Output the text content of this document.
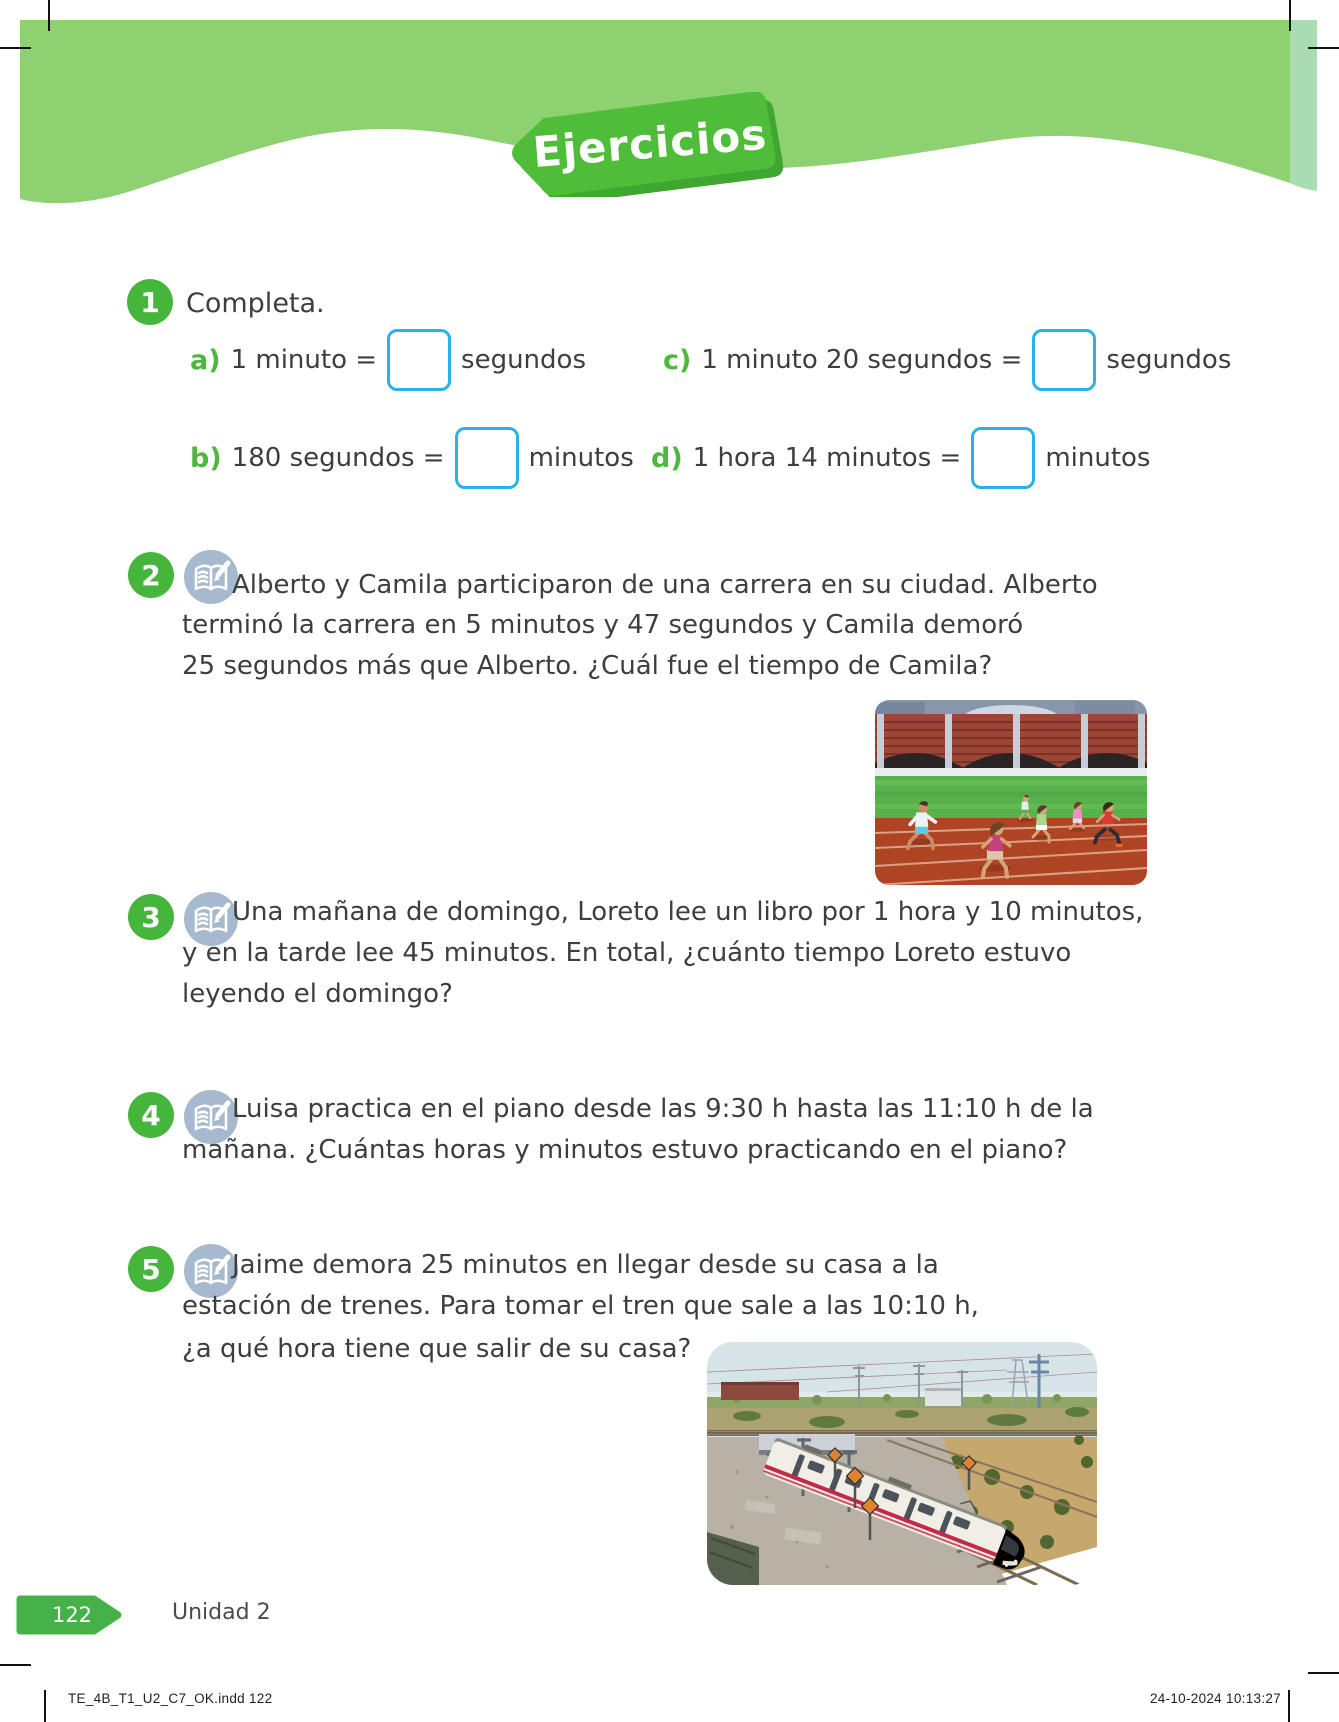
Ejercicios
1 Completa.
a) 1 minuto =	segundos	c) 1 minuto 20 segundos =	segundos
b) 180 segundos =	minutos d) 1 hora 14 minutos =	minutos
2	Alberto y Camila participaron de una carrera en su ciudad. Alberto
terminó la carrera en 5 minutos y 47 segundos y Camila demoró
25 segundos más que Alberto. ¿Cuál fue el tiempo de Camila?
3	Una mañana de domingo, Loreto lee un libro por 1 hora y 10 minutos,
y en la tarde lee 45 minutos. En total, ¿cuánto tiempo Loreto estuvo
leyendo el domingo?
4	Luisa practica en el piano desde las 9:30 h hasta las 11:10 h de la
mañana. ¿Cuántas horas y minutos estuvo practicando en el piano?
5	Jaime demora 25 minutos en llegar desde su casa a la
estación de trenes. Para tomar el tren que sale a las 10:10 h,
¿a qué hora tiene que salir de su casa?
122	Unidad 2
TE_4B_T1_U2_C7_OK.indd 122	24-10-2024 10:13:27
